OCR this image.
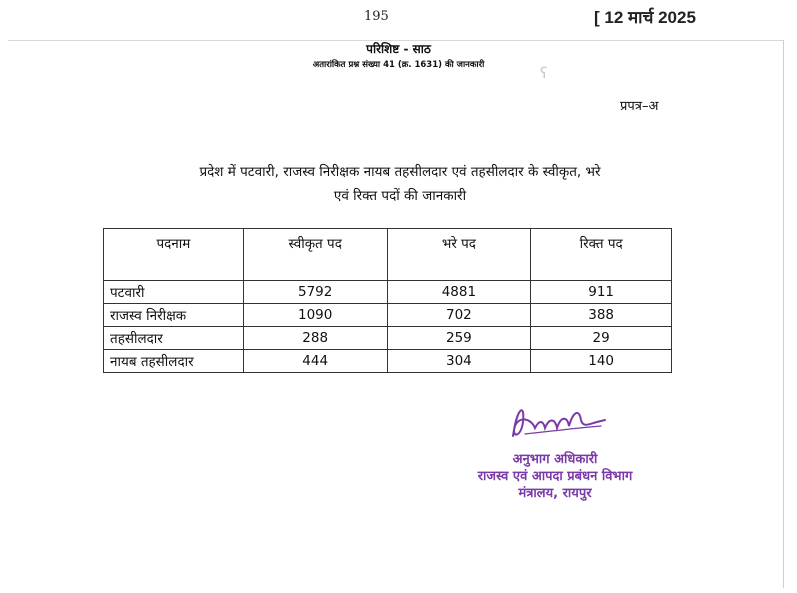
195	[ 12 मार्च 2025
परिशिष्ट - साठ
अतारांकित प्रश्न संख्या 41 (क्र. 1631) की जानकारी	ʕ
प्रपत्र–अ
प्रदेश में पटवारी, राजस्व निरीक्षक नायब तहसीलदार एवं तहसीलदार के स्वीकृत, भरे
एवं रिक्त पदों की जानकारी
पदनाम	स्वीकृत पद	भरे पद	रिक्त पद
पटवारी	5792	4881	911
राजस्व निरीक्षक	1090	702	388
तहसीलदार	288	259	29
नायब तहसीलदार	444	304	140
अनुभाग अधिकारी
राजस्व एवं आपदा प्रबंधन विभाग
मंत्रालय, रायपुर
